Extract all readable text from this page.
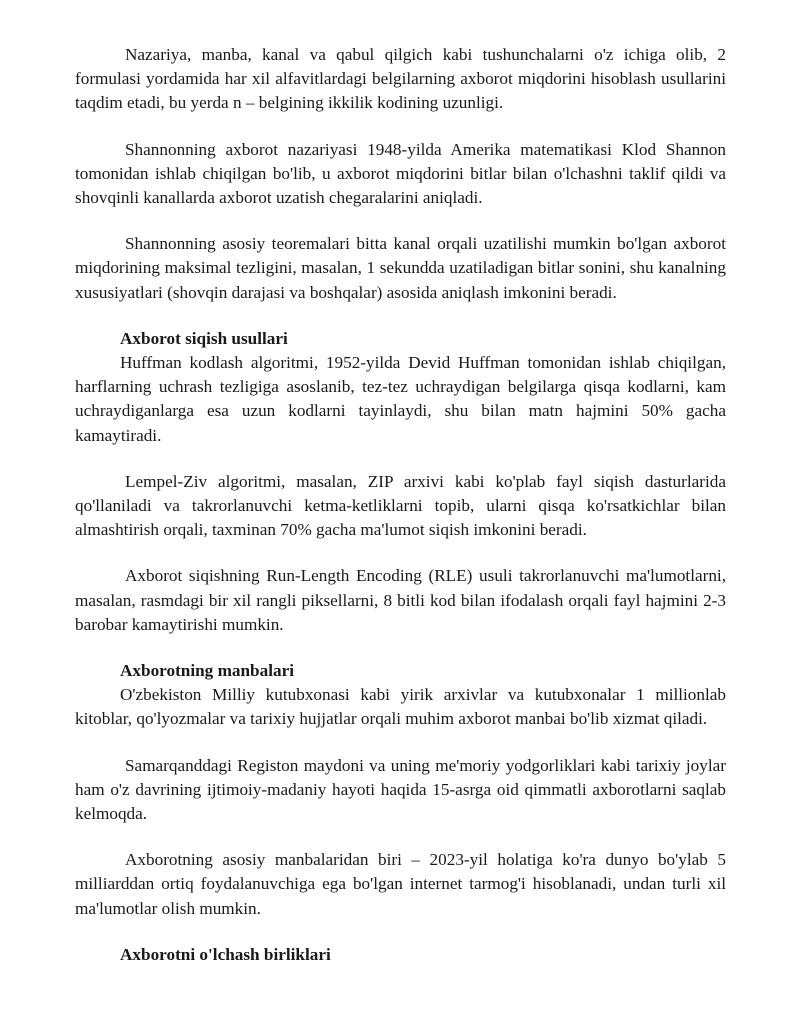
Nazariya, manba, kanal va qabul qilgich kabi tushunchalarni o'z ichiga olib, 2 formulasi yordamida har xil alfavitlardagi belgilarning axborot miqdorini hisoblash usullarini taqdim etadi, bu yerda n – belgining ikkilik kodining uzunligi.

Shannonning axborot nazariyasi 1948-yilda Amerika matematikasi Klod Shannon tomonidan ishlab chiqilgan bo'lib, u axborot miqdorini bitlar bilan o'lchashni taklif qildi va shovqinli kanallarda axborot uzatish chegaralarini aniqladi.

Shannonning asosiy teoremalari bitta kanal orqali uzatilishi mumkin bo'lgan axborot miqdorining maksimal tezligini, masalan, 1 sekundda uzatiladigan bitlar sonini, shu kanalning xususiyatlari (shovqin darajasi va boshqalar) asosida aniqlash imkonini beradi.

Axborot siqish usullari

Huffman kodlash algoritmi, 1952-yilda Devid Huffman tomonidan ishlab chiqilgan, harflarning uchrash tezligiga asoslanib, tez-tez uchraydigan belgilarga qisqa kodlarni, kam uchraydiganlarga esa uzun kodlarni tayinlaydi, shu bilan matn hajmini 50% gacha kamaytiradi.

Lempel-Ziv algoritmi, masalan, ZIP arxivi kabi ko'plab fayl siqish dasturlarida qo'llaniladi va takrorlanuvchi ketma-ketliklarni topib, ularni qisqa ko'rsatkichlar bilan almashtirish orqali, taxminan 70% gacha ma'lumot siqish imkonini beradi.

Axborot siqishning Run-Length Encoding (RLE) usuli takrorlanuvchi ma'lumotlarni, masalan, rasmdagi bir xil rangli piksellarni, 8 bitli kod bilan ifodalash orqali fayl hajmini 2-3 barobar kamaytirishi mumkin.

Axborotning manbalari

O'zbekiston Milliy kutubxonasi kabi yirik arxivlar va kutubxonalar 1 millionlab kitoblar, qo'lyozmalar va tarixiy hujjatlar orqali muhim axborot manbai bo'lib xizmat qiladi.

Samarqanddagi Registon maydoni va uning me'moriy yodgorliklari kabi tarixiy joylar ham o'z davrining ijtimoiy-madaniy hayoti haqida 15-asrga oid qimmatli axborotlarni saqlab kelmoqda.

Axborotning asosiy manbalaridan biri – 2023-yil holatiga ko'ra dunyo bo'ylab 5 milliarddan ortiq foydalanuvchiga ega bo'lgan internet tarmog'i hisoblanadi, undan turli xil ma'lumotlar olish mumkin.

Axborotni o'lchash birliklari
